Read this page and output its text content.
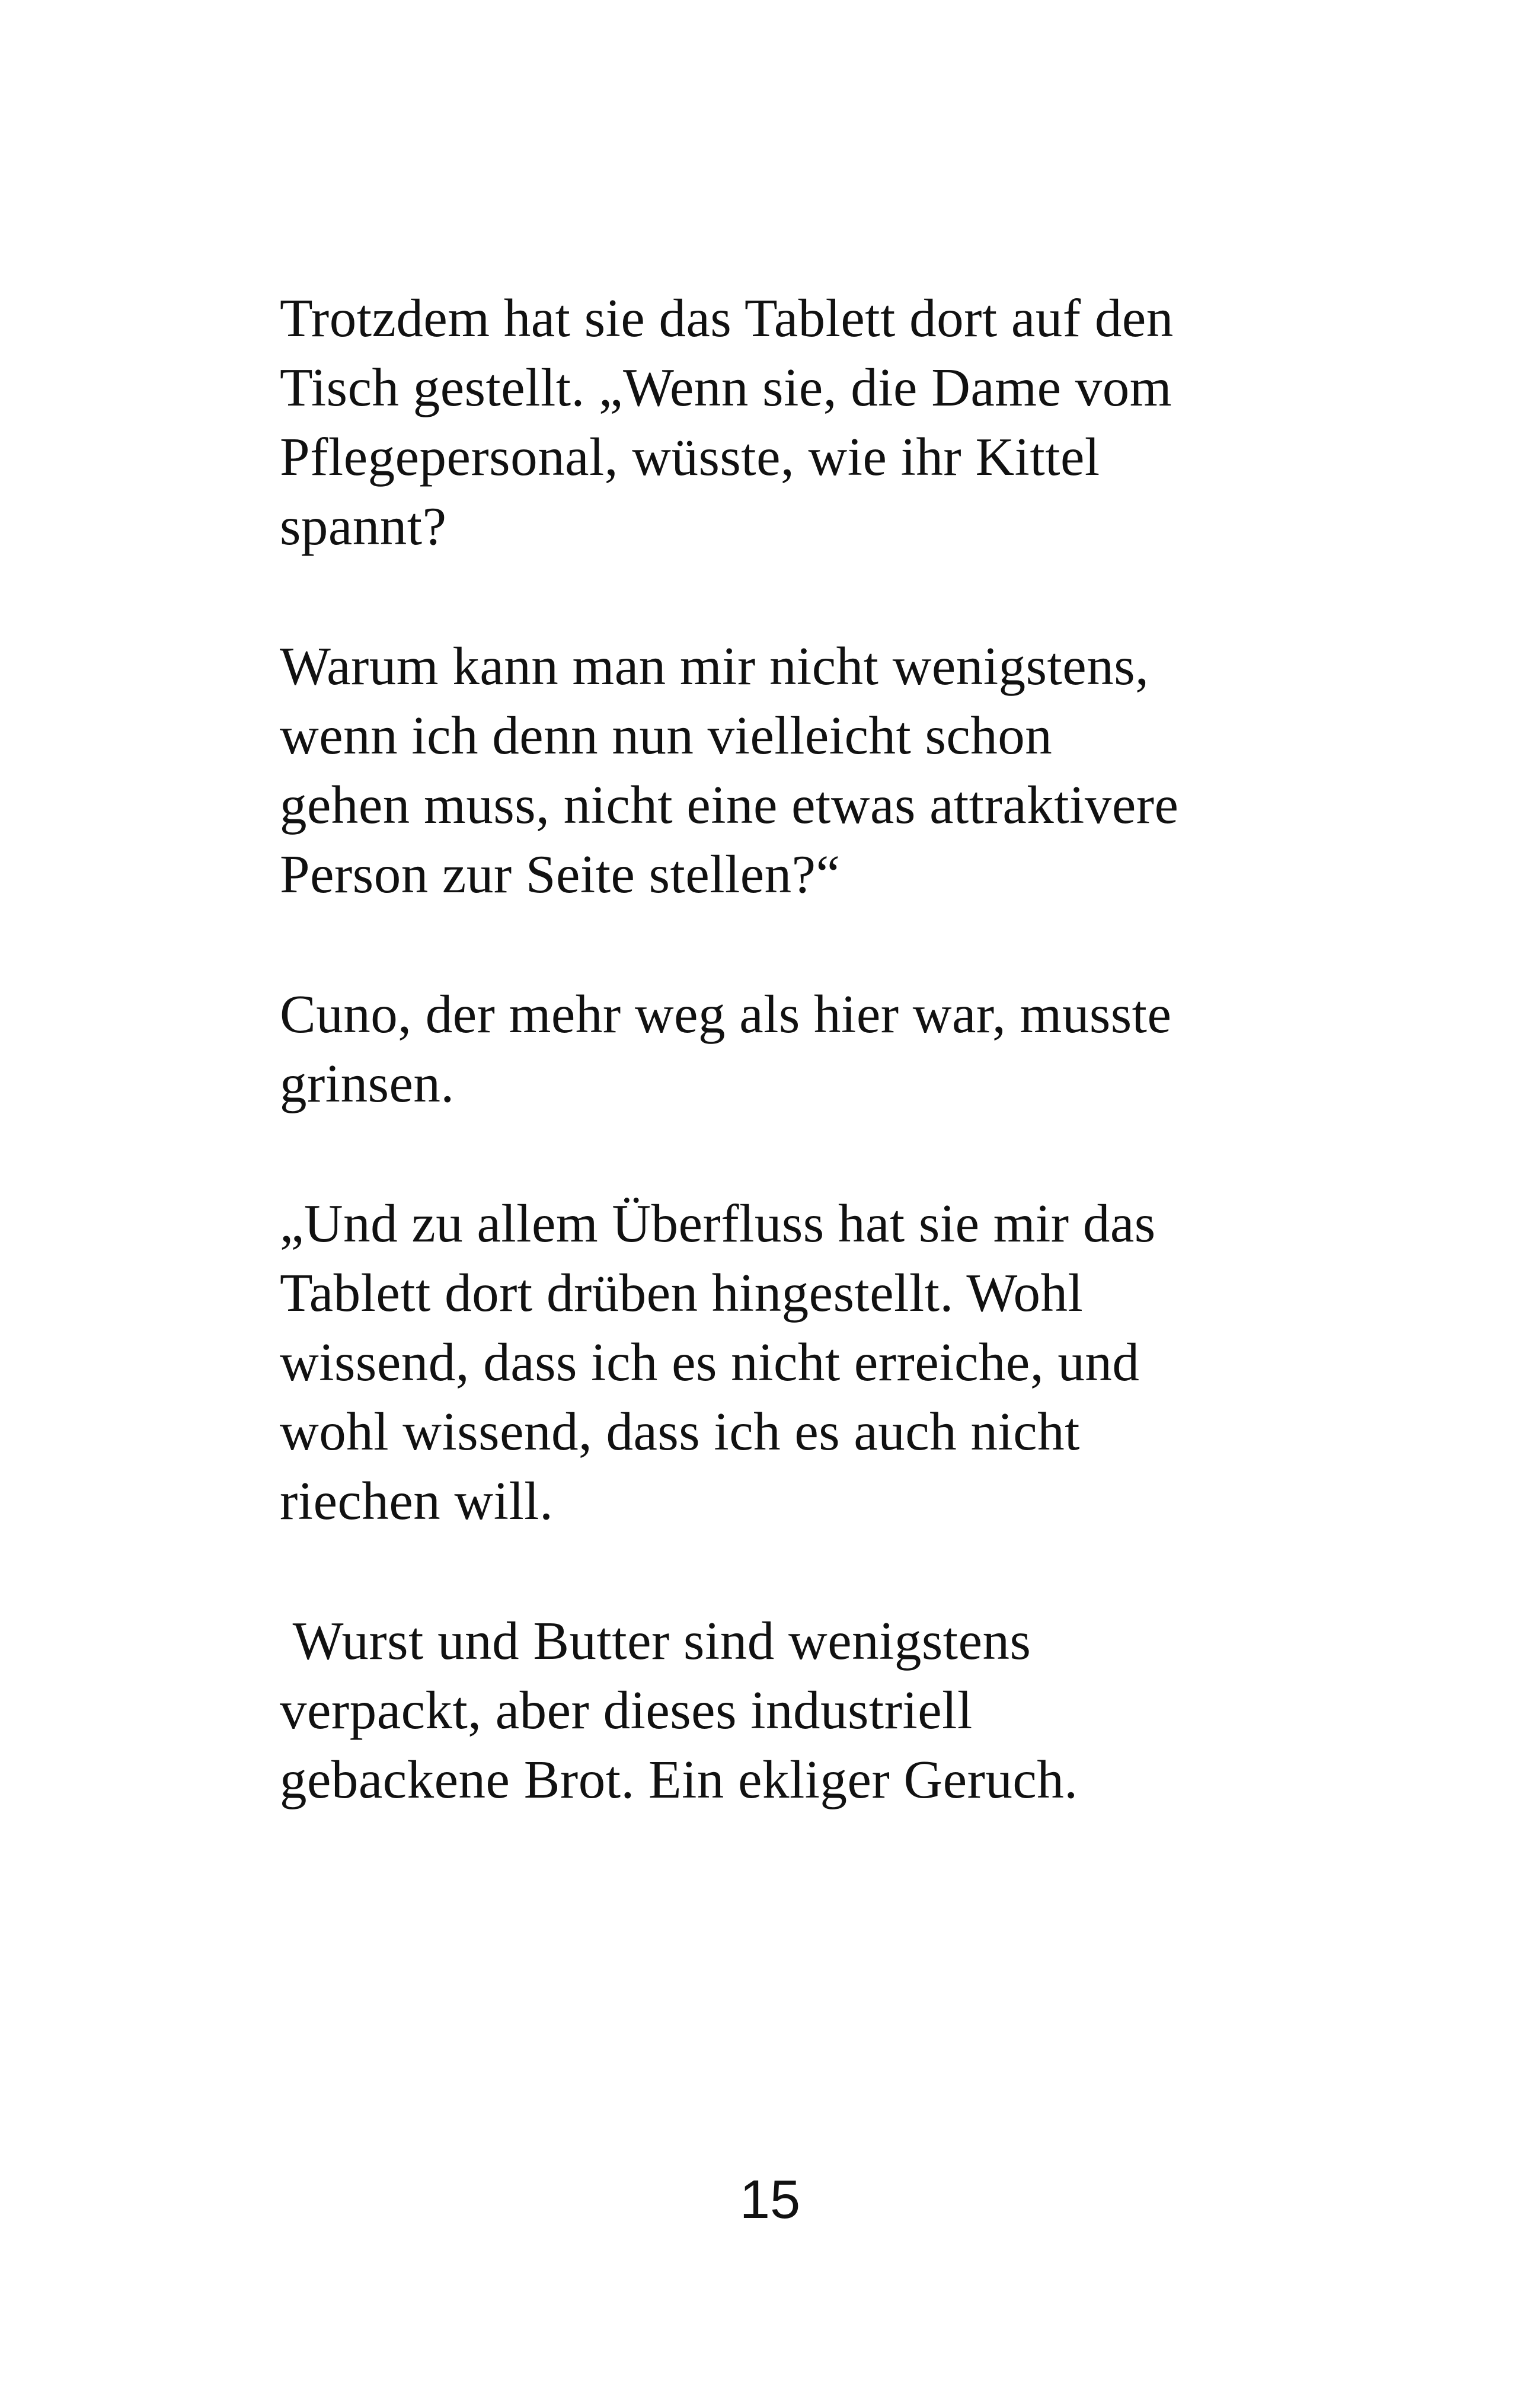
Trotzdem hat sie das Tablett dort auf den
Tisch gestellt. „Wenn sie, die Dame vom
Pflegepersonal, wüsste, wie ihr Kittel
spannt?

Warum kann man mir nicht wenigstens,
wenn ich denn nun vielleicht schon
gehen muss, nicht eine etwas attraktivere
Person zur Seite stellen?“

Cuno, der mehr weg als hier war, musste
grinsen.

„Und zu allem Überfluss hat sie mir das
Tablett dort drüben hingestellt. Wohl
wissend, dass ich es nicht erreiche, und
wohl wissend, dass ich es auch nicht
riechen will.

Wurst und Butter sind wenigstens
verpackt, aber dieses industriell
gebackene Brot. Ein ekliger Geruch.

15
